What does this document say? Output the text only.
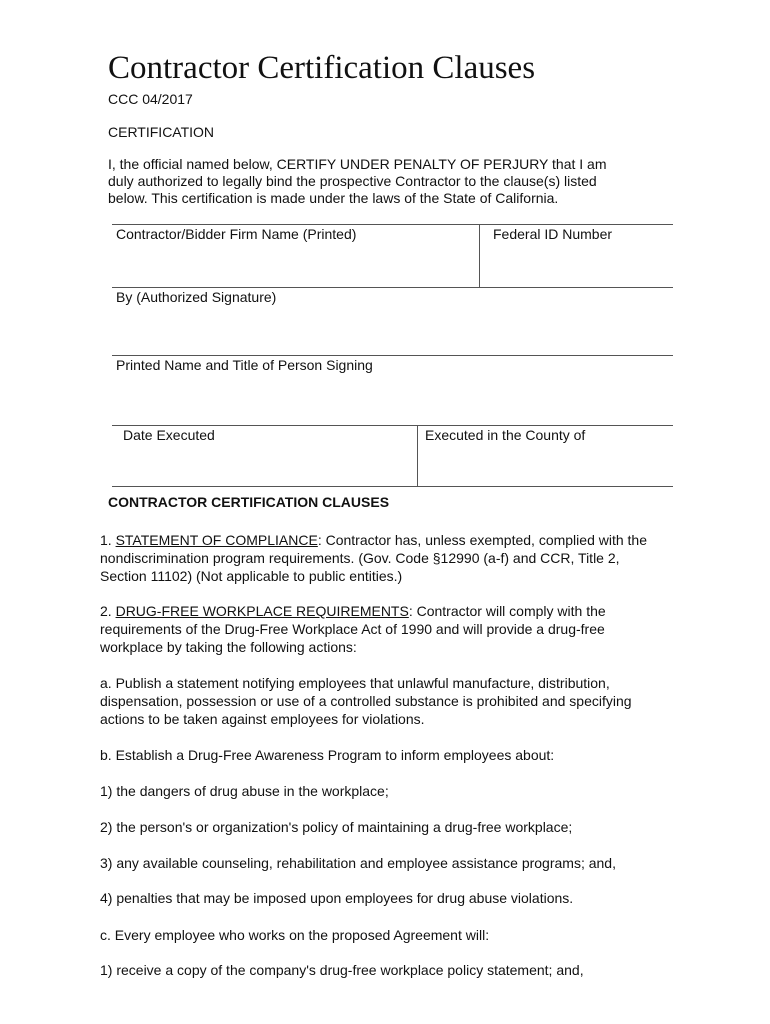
Contractor Certification Clauses
CCC 04/2017
CERTIFICATION
I, the official named below, CERTIFY UNDER PENALTY OF PERJURY that I am
duly authorized to legally bind the prospective Contractor to the clause(s) listed
below. This certification is made under the laws of the State of California.
Contractor/Bidder Firm Name (Printed)	Federal ID Number
By (Authorized Signature)
Printed Name and Title of Person Signing
Date Executed	Executed in the County of
CONTRACTOR CERTIFICATION CLAUSES
1. STATEMENT OF COMPLIANCE: Contractor has, unless exempted, complied with the
nondiscrimination program requirements. (Gov. Code §12990 (a-f) and CCR, Title 2,
Section 11102) (Not applicable to public entities.)
2. DRUG-FREE WORKPLACE REQUIREMENTS: Contractor will comply with the
requirements of the Drug-Free Workplace Act of 1990 and will provide a drug-free
workplace by taking the following actions:
a. Publish a statement notifying employees that unlawful manufacture, distribution,
dispensation, possession or use of a controlled substance is prohibited and specifying
actions to be taken against employees for violations.
b. Establish a Drug-Free Awareness Program to inform employees about:
1) the dangers of drug abuse in the workplace;
2) the person's or organization's policy of maintaining a drug-free workplace;
3) any available counseling, rehabilitation and employee assistance programs; and,
4) penalties that may be imposed upon employees for drug abuse violations.
c. Every employee who works on the proposed Agreement will:
1) receive a copy of the company's drug-free workplace policy statement; and,
